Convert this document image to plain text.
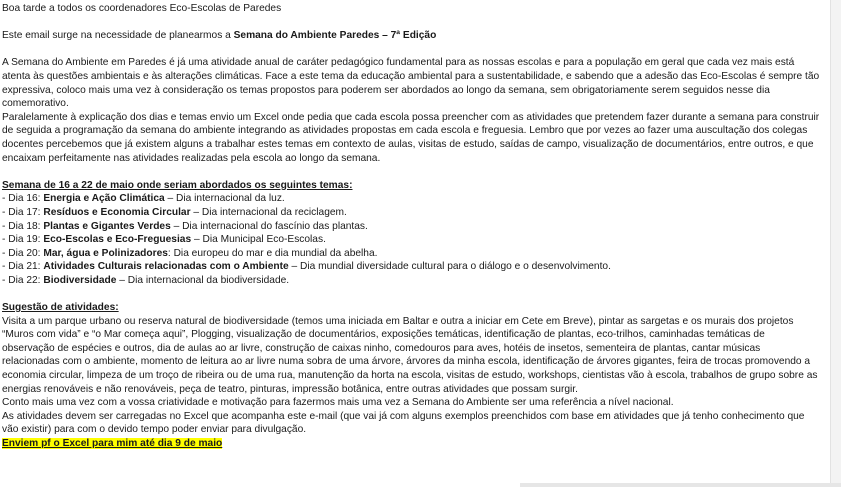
Boa tarde a todos os coordenadores Eco-Escolas de Paredes
Este email surge na necessidade de planearmos a Semana do Ambiente Paredes – 7ª Edição
A Semana do Ambiente em Paredes é já uma atividade anual de caráter pedagógico fundamental para as nossas escolas e para a população em geral que cada vez mais está atenta às questões ambientais e às alterações climáticas. Face a este tema da educação ambiental para a sustentabilidade, e sabendo que a adesão das Eco-Escolas é sempre tão expressiva, coloco mais uma vez à consideração os temas propostos para poderem ser abordados ao longo da semana, sem obrigatoriamente serem seguidos nesse dia comemorativo.
Paralelamente à explicação dos dias e temas envio um Excel onde pedia que cada escola possa preencher com as atividades que pretendem fazer durante a semana para construir de seguida a programação da semana do ambiente integrando as atividades propostas em cada escola e freguesia. Lembro que por vezes ao fazer uma auscultação dos colegas docentes percebemos que já existem alguns a trabalhar estes temas em contexto de aulas, visitas de estudo, saídas de campo, visualização de documentários, entre outros, e que encaixam perfeitamente nas atividades realizadas pela escola ao longo da semana.
Semana de 16 a 22 de maio onde seriam abordados os seguintes temas:
- Dia 16: Energia e Ação Climática – Dia internacional da luz.
- Dia 17: Resíduos e Economia Circular – Dia internacional da reciclagem.
- Dia 18: Plantas e Gigantes Verdes – Dia internacional do fascínio das plantas.
- Dia 19: Eco-Escolas e Eco-Freguesias – Dia Municipal Eco-Escolas.
- Dia 20: Mar, água e Polinizadores: Dia europeu do mar e dia mundial da abelha.
- Dia 21: Atividades Culturais relacionadas com o Ambiente – Dia mundial diversidade cultural para o diálogo e o desenvolvimento.
- Dia 22: Biodiversidade – Dia internacional da biodiversidade.
Sugestão de atividades:
Visita a um parque urbano ou reserva natural de biodiversidade (temos uma iniciada em Baltar e outra a iniciar em Cete em Breve), pintar as sargetas e os murais dos projetos “Muros com vida” e “o Mar começa aqui”, Plogging, visualização de documentários, exposições temáticas, identificação de plantas, eco-trilhos, caminhadas temáticas de observação de espécies e outros, dia de aulas ao ar livre, construção de caixas ninho, comedouros para aves, hotéis de insetos, sementeira de plantas, cantar músicas relacionadas com o ambiente, momento de leitura ao ar livre numa sobra de uma árvore, árvores da minha escola, identificação de árvores gigantes, feira de trocas promovendo a economia circular, limpeza de um troço de ribeira ou de uma rua, manutenção da horta na escola, visitas de estudo, workshops, cientistas vão à escola, trabalhos de grupo sobre as energias renováveis e não renováveis, peça de teatro, pinturas, impressão botânica, entre outras atividades que possam surgir.
Conto mais uma vez com a vossa criatividade e motivação para fazermos mais uma vez a Semana do Ambiente ser uma referência a nível nacional.
As atividades devem ser carregadas no Excel que acompanha este e-mail (que vai já com alguns exemplos preenchidos com base em atividades que já tenho conhecimento que vão existir) para com o devido tempo poder enviar para divulgação.
Enviem pf o Excel para mim até dia 9 de maio
